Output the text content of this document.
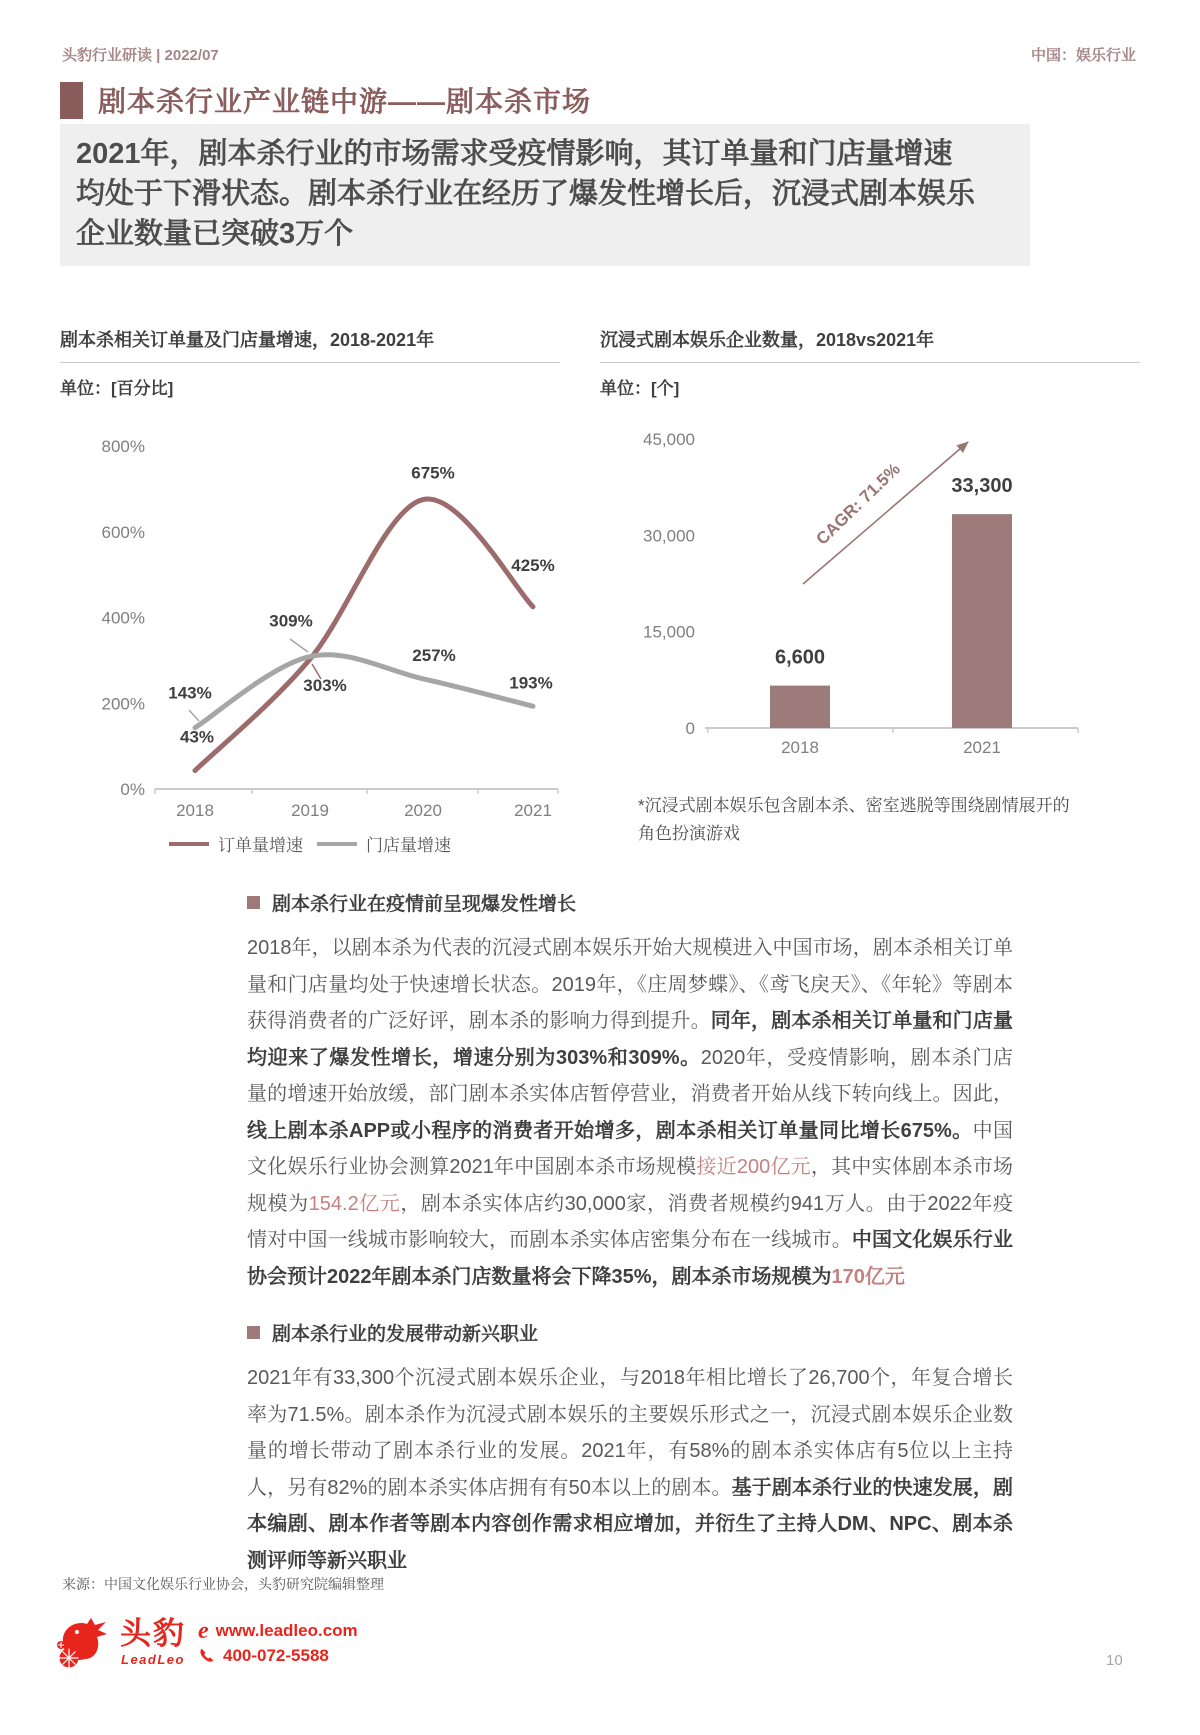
头豹行业研读 | 2022/07	中国：娱乐行业
剧本杀行业产业链中游——剧本杀市场
2021年，剧本杀行业的市场需求受疫情影响，其订单量和门店量增速均处于下滑状态。剧本杀行业在经历了爆发性增长后，沉浸式剧本娱乐企业数量已突破3万个
剧本杀相关订单量及门店量增速，2018-2021年
单位：[百分比]
800%
600%
400%
200%
0%
43%
303%
675%
425%
143%
309%
257%
193%
2018	2019	2020	2021
订单量增速	门店量增速
沉浸式剧本娱乐企业数量，2018vs2021年
单位：[个]
45,000
30,000
15,000
0
6,600
2018
33,300
2021
CAGR: 71.5%
*沉浸式剧本娱乐包含剧本杀、密室逃脱等围绕剧情展开的角色扮演游戏
剧本杀行业在疫情前呈现爆发性增长

2018年，以剧本杀为代表的沉浸式剧本娱乐开始大规模进入中国市场，剧本杀相关订单量和门店量均处于快速增长状态。2019年，《庄周梦蝶》、《鸢飞戾天》、《年轮》等剧本获得消费者的广泛好评，剧本杀的影响力得到提升。同年，剧本杀相关订单量和门店量均迎来了爆发性增长，增速分别为303%和309%。2020年，受疫情影响，剧本杀门店量的增速开始放缓，部门剧本杀实体店暂停营业，消费者开始从线下转向线上。因此，线上剧本杀APP或小程序的消费者开始增多，剧本杀相关订单量同比增长675%。中国文化娱乐行业协会测算2021年中国剧本杀市场规模接近200亿元，其中实体剧本杀市场规模为154.2亿元，剧本杀实体店约30,000家，消费者规模约941万人。由于2022年疫情对中国一线城市影响较大，而剧本杀实体店密集分布在一线城市。中国文化娱乐行业协会预计2022年剧本杀门店数量将会下降35%，剧本杀市场规模为170亿元

剧本杀行业的发展带动新兴职业

2021年有33,300个沉浸式剧本娱乐企业，与2018年相比增长了26,700个，年复合增长率为71.5%。剧本杀作为沉浸式剧本娱乐的主要娱乐形式之一，沉浸式剧本娱乐企业数量的增长带动了剧本杀行业的发展。2021年，有58%的剧本杀实体店有5位以上主持人，另有82%的剧本杀实体店拥有有50本以上的剧本。基于剧本杀行业的快速发展，剧本编剧、剧本作者等剧本内容创作需求相应增加，并衍生了主持人DM、NPC、剧本杀测评师等新兴职业

来源：中国文化娱乐行业协会，头豹研究院编辑整理
头豹
LeadLeo
e www.leadleo.com
400-072-5588	10
